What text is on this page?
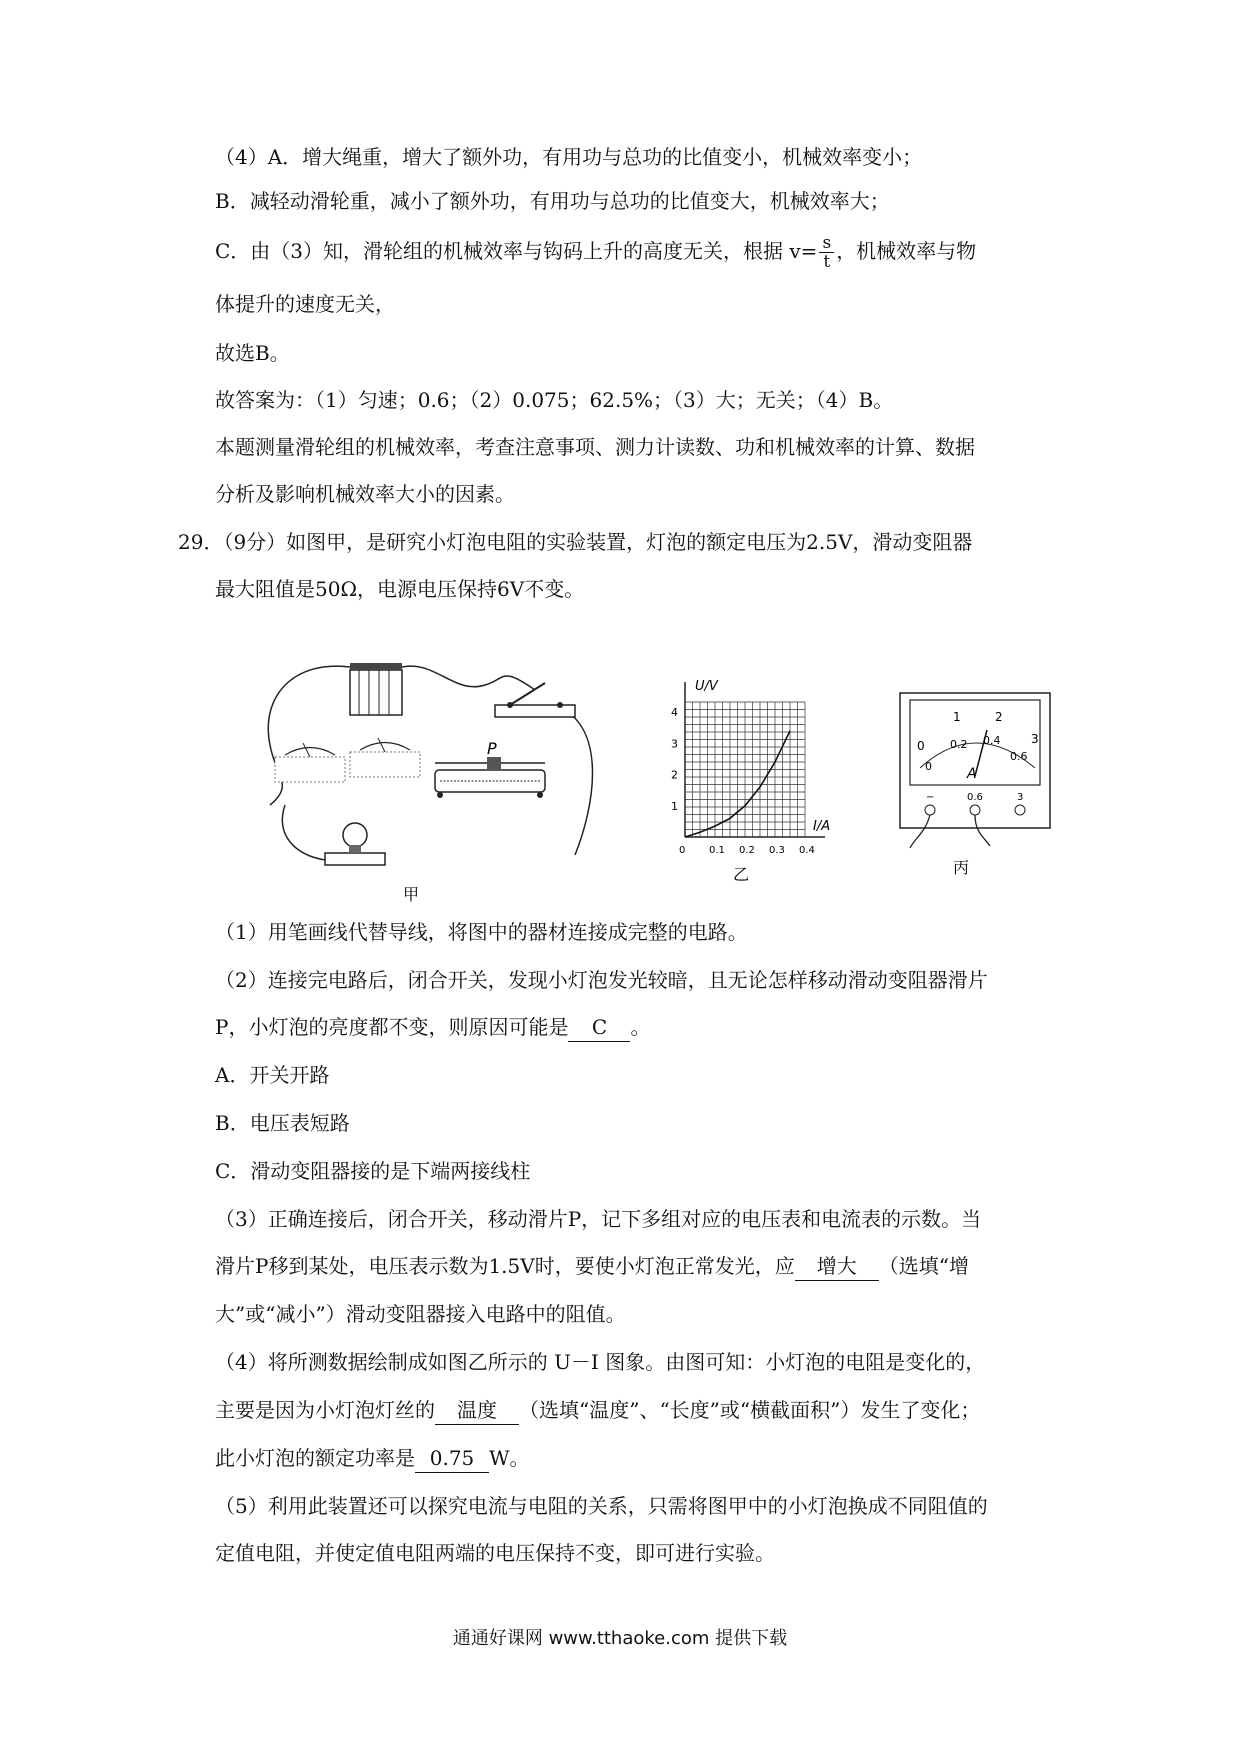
（4）A．增大绳重，增大了额外功，有用功与总功的比值变小，机械效率变小；
B．减轻动滑轮重，减小了额外功，有用功与总功的比值变大，机械效率大；
C．由（3）知，滑轮组的机械效率与钩码上升的高度无关，根据 $v= \frac{s}{t}$ ，机械效率与物
体提升的速度无关，
故选B。
故答案为：（1）匀速；0.6；（2）0.075；62.5%；（3）大；无关；（4）B。
本题测量滑轮组的机械效率，考查注意事项、测力计读数、功和机械效率的计算、数据
分析及影响机械效率大小的因素。
29．（9分）如图甲，是研究小灯泡电阻的实验装置，灯泡的额定电压为2.5V，滑动变阻器
最大阻值是50Ω，电源电压保持6V不变。
P
甲
U/V
I/A
1
2
3
4
0 0.1 0.2 0.3 0.4
乙
0
1	2
3
0
0.2 0.4
0.6
A
−	0.6	3
丙
（1）用笔画线代替导线，将图中的器材连接成完整的电路。
（2）连接完电路后，闭合开关，发现小灯泡发光较暗，且无论怎样移动滑动变阻器滑片
P，小灯泡的亮度都不变，则原因可能是 C 。
A．开关开路
B．电压表短路
C．滑动变阻器接的是下端两接线柱
（3）正确连接后，闭合开关，移动滑片P，记下多组对应的电压表和电流表的示数。当
滑片P移到某处，电压表示数为1.5V时，要使小灯泡正常发光，应 增大 （选填“增
大”或“减小”）滑动变阻器接入电路中的阻值。
（4）将所测数据绘制成如图乙所示的 U－I 图象。由图可知：小灯泡的电阻是变化的，
主要是因为小灯泡灯丝的 温度 （选填“温度”、“长度”或“横截面积”）发生了变化；
此小灯泡的额定功率是 0.75 W。
（5）利用此装置还可以探究电流与电阻的关系，只需将图甲中的小灯泡换成不同阻值的
定值电阻，并使定值电阻两端的电压保持不变，即可进行实验。
通通好课网 www.tthaoke.com 提供下载
